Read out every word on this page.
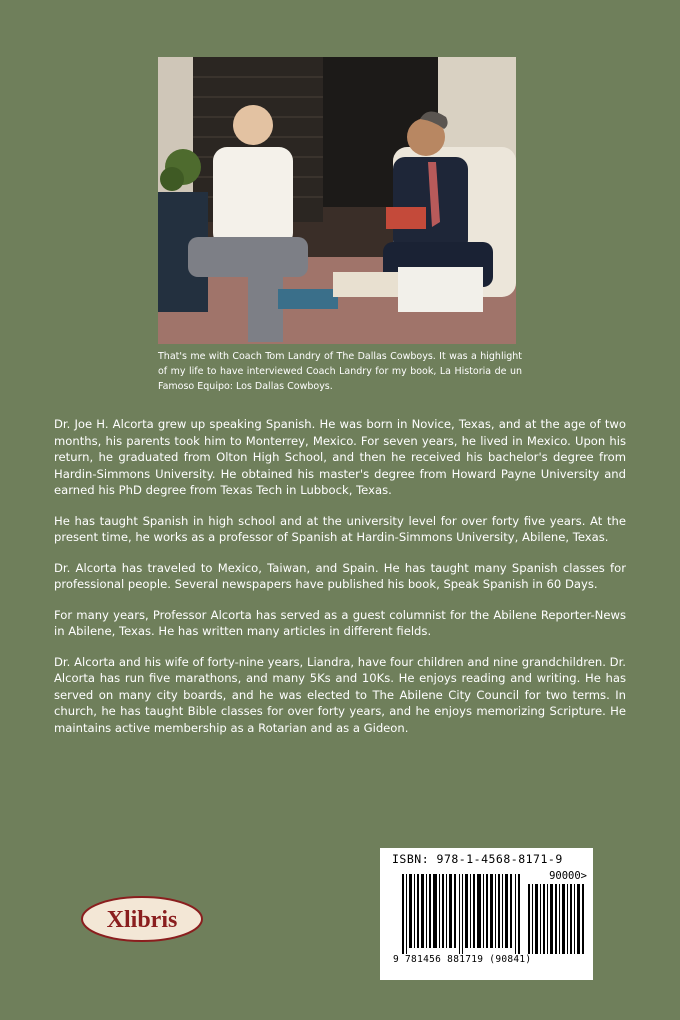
That's me with Coach Tom Landry of The Dallas Cowboys. It was a highlight of my life to have interviewed Coach Landry for my book, La Historia de un Famoso Equipo: Los Dallas Cowboys.

Dr. Joe H. Alcorta grew up speaking Spanish. He was born in Novice, Texas, and at the age of two months, his parents took him to Monterrey, Mexico. For seven years, he lived in Mexico. Upon his return, he graduated from Olton High School, and then he received his bachelor's degree from Hardin-Simmons University. He obtained his master's degree from Howard Payne University and earned his PhD degree from Texas Tech in Lubbock, Texas.

He has taught Spanish in high school and at the university level for over forty five years. At the present time, he works as a professor of Spanish at Hardin-Simmons University, Abilene, Texas.

Dr. Alcorta has traveled to Mexico, Taiwan, and Spain. He has taught many Spanish classes for professional people. Several newspapers have published his book, Speak Spanish in 60 Days.

For many years, Professor Alcorta has served as a guest columnist for the Abilene Reporter-News in Abilene, Texas. He has written many articles in different fields.

Dr. Alcorta and his wife of forty-nine years, Liandra, have four children and nine grandchildren. Dr. Alcorta has run five marathons, and many 5Ks and 10Ks. He enjoys reading and writing. He has served on many city boards, and he was elected to The Abilene City Council for two terms. In church, he has taught Bible classes for over forty years, and he enjoys memorizing Scripture. He maintains active membership as a Rotarian and as a Gideon.

Xlibris
ISBN: 978-1-4568-8171-9
90000>
9 781456 881719 (90841)
